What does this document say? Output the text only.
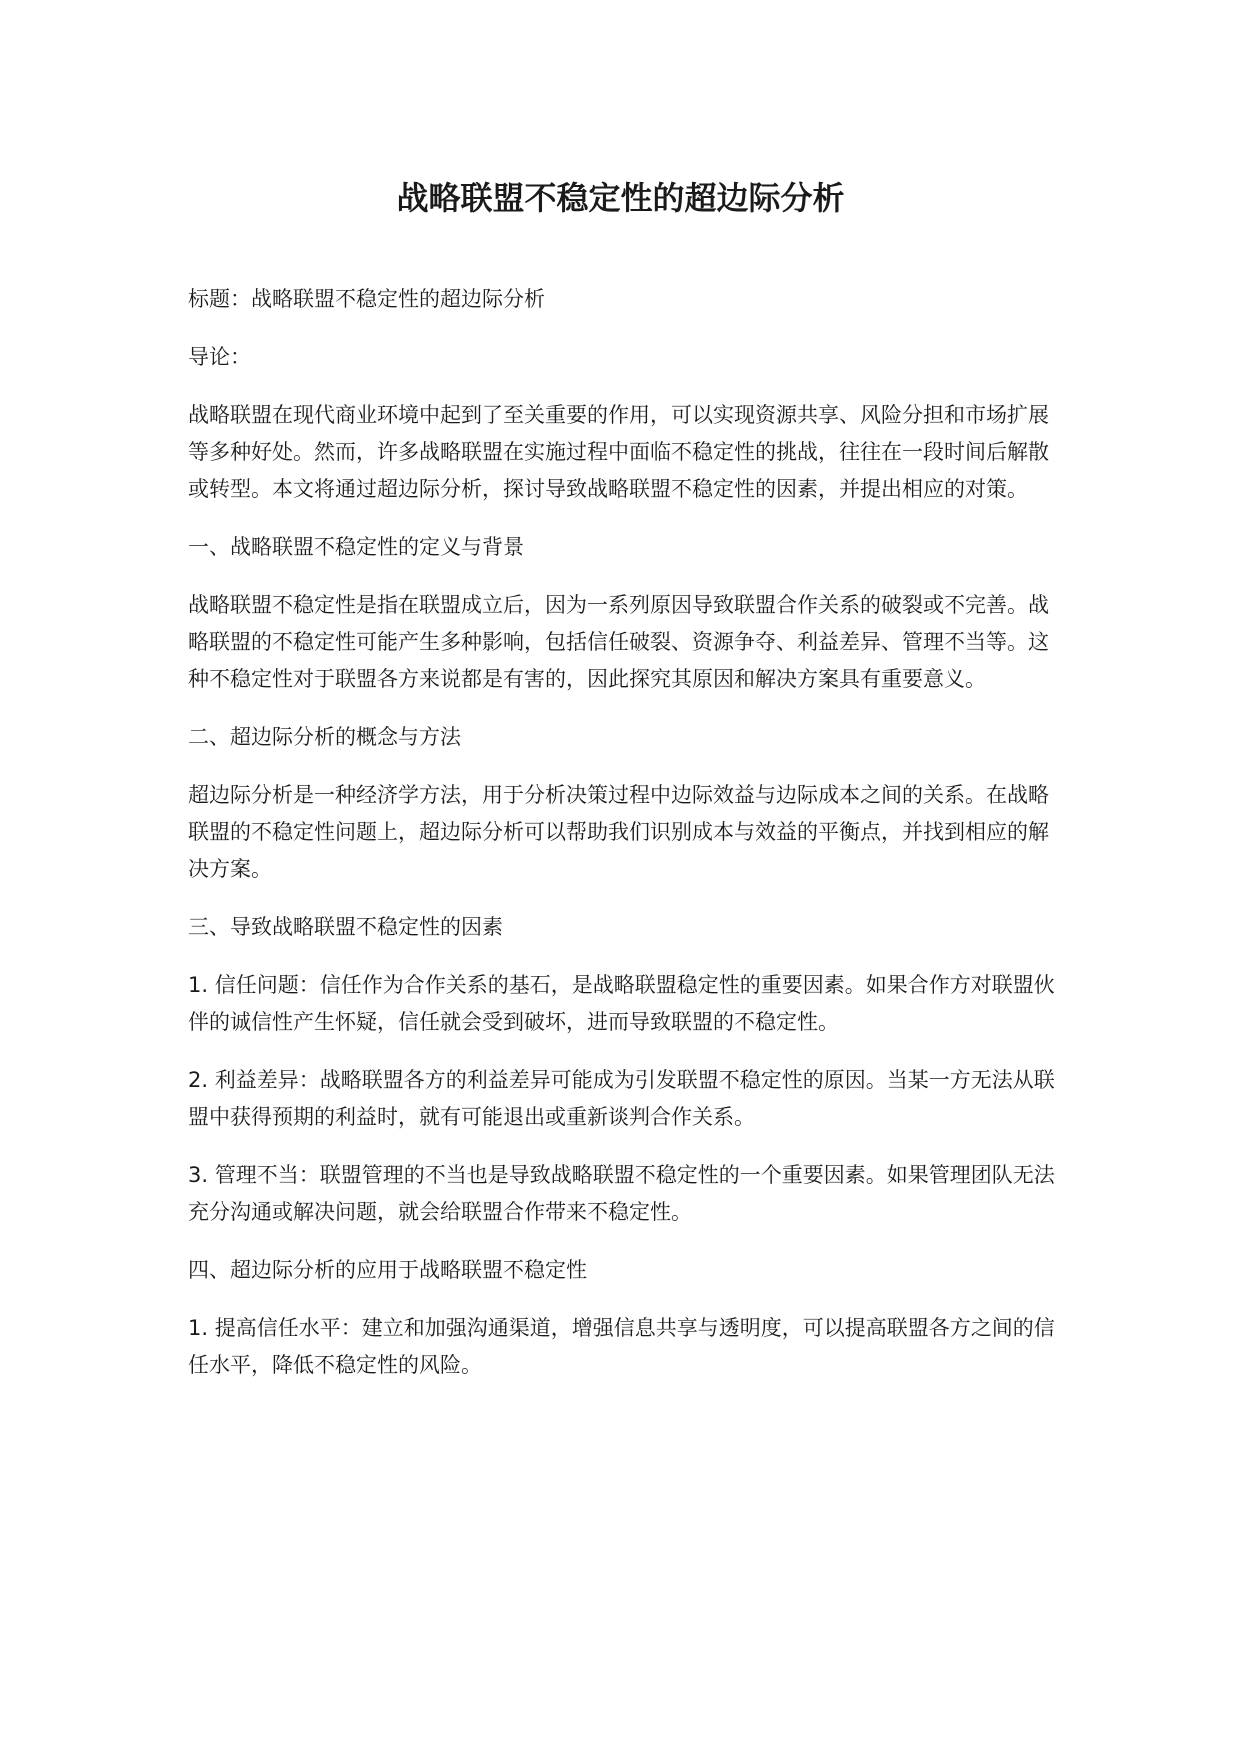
战略联盟不稳定性的超边际分析

标题：战略联盟不稳定性的超边际分析

导论：

战略联盟在现代商业环境中起到了至关重要的作用，可以实现资源共享、风险分担和市场扩展等多种好处。然而，许多战略联盟在实施过程中面临不稳定性的挑战，往往在一段时间后解散或转型。本文将通过超边际分析，探讨导致战略联盟不稳定性的因素，并提出相应的对策。

一、战略联盟不稳定性的定义与背景

战略联盟不稳定性是指在联盟成立后，因为一系列原因导致联盟合作关系的破裂或不完善。战略联盟的不稳定性可能产生多种影响，包括信任破裂、资源争夺、利益差异、管理不当等。这种不稳定性对于联盟各方来说都是有害的，因此探究其原因和解决方案具有重要意义。

二、超边际分析的概念与方法

超边际分析是一种经济学方法，用于分析决策过程中边际效益与边际成本之间的关系。在战略联盟的不稳定性问题上，超边际分析可以帮助我们识别成本与效益的平衡点，并找到相应的解决方案。

三、导致战略联盟不稳定性的因素

1. 信任问题：信任作为合作关系的基石，是战略联盟稳定性的重要因素。如果合作方对联盟伙伴的诚信性产生怀疑，信任就会受到破坏，进而导致联盟的不稳定性。

2. 利益差异：战略联盟各方的利益差异可能成为引发联盟不稳定性的原因。当某一方无法从联盟中获得预期的利益时，就有可能退出或重新谈判合作关系。

3. 管理不当：联盟管理的不当也是导致战略联盟不稳定性的一个重要因素。如果管理团队无法充分沟通或解决问题，就会给联盟合作带来不稳定性。

四、超边际分析的应用于战略联盟不稳定性

1. 提高信任水平：建立和加强沟通渠道，增强信息共享与透明度，可以提高联盟各方之间的信任水平，降低不稳定性的风险。
